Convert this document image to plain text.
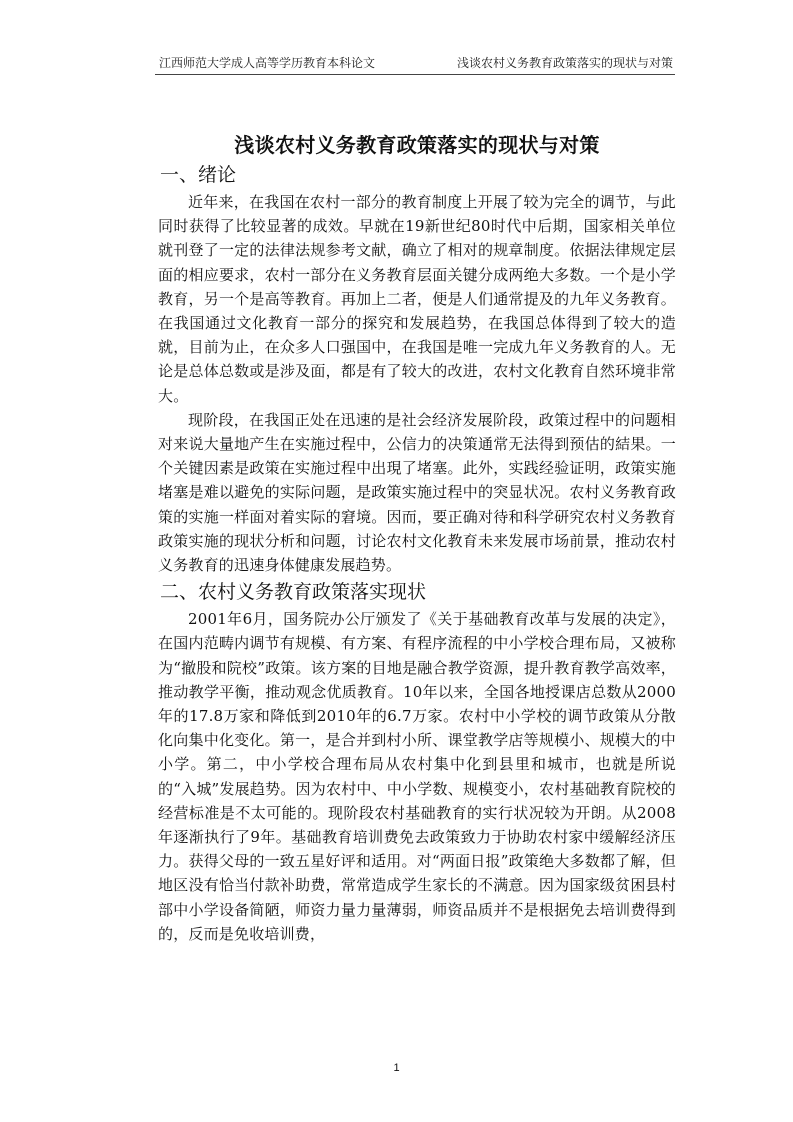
江西师范大学成人高等学历教育本科论文	浅谈农村义务教育政策落实的现状与对策
浅谈农村义务教育政策落实的现状与对策
一、绪论

近年来，在我国在农村一部分的教育制度上开展了较为完全的调节，与此同时获得了比较显著的成效。早就在19新世纪80时代中后期，国家相关单位就刊登了一定的法律法规参考文献，确立了相对的规章制度。依据法律规定层面的相应要求，农村一部分在义务教育层面关键分成两绝大多数。一个是小学教育，另一个是高等教育。再加上二者，便是人们通常提及的九年义务教育。在我国通过文化教育一部分的探究和发展趋势，在我国总体得到了较大的造就，目前为止，在众多人口强国中，在我国是唯一完成九年义务教育的人。无论是总体总数或是涉及面，都是有了较大的改进，农村文化教育自然环境非常大。

现阶段，在我国正处在迅速的是社会经济发展阶段，政策过程中的问题相对来说大量地产生在实施过程中，公信力的决策通常无法得到预估的結果。一个关键因素是政策在实施过程中出現了堵塞。此外，实践经验证明，政策实施堵塞是难以避免的实际问题，是政策实施过程中的突显状况。农村义务教育政策的实施一样面对着实际的窘境。因而，要正确对待和科学研究农村义务教育政策实施的现状分析和问题，讨论农村文化教育未来发展市场前景，推动农村义务教育的迅速身体健康发展趋势。

二、农村义务教育政策落实现状

2001年6月，国务院办公厅颁发了《关于基础教育改革与发展的决定》，在国内范畴内调节有规模、有方案、有程序流程的中小学校合理布局，又被称为“撤股和院校”政策。该方案的目地是融合教学资源，提升教育教学高效率，推动教学平衡，推动观念优质教育。10年以来，全国各地授课店总数从2000年的17.8万家和降低到2010年的6.7万家。农村中小学校的调节政策从分散化向集中化变化。第一，是合并到村小所、课堂教学店等规模小、规模大的中小学。第二，中小学校合理布局从农村集中化到县里和城市，也就是所说的“入城”发展趋势。因为农村中、中小学数、规模变小，农村基础教育院校的经营标准是不太可能的。现阶段农村基础教育的实行状况较为开朗。从2008年逐渐执行了9年。基础教育培训费免去政策致力于协助农村家中缓解经济压力。获得父母的一致五星好评和适用。对“两面日报”政策绝大多数都了解，但地区没有恰当付款补助费，常常造成学生家长的不满意。因为国家级贫困县村部中小学设备简陋，师资力量力量薄弱，师资品质并不是根据免去培训费得到的，反而是免收培训费，

1
